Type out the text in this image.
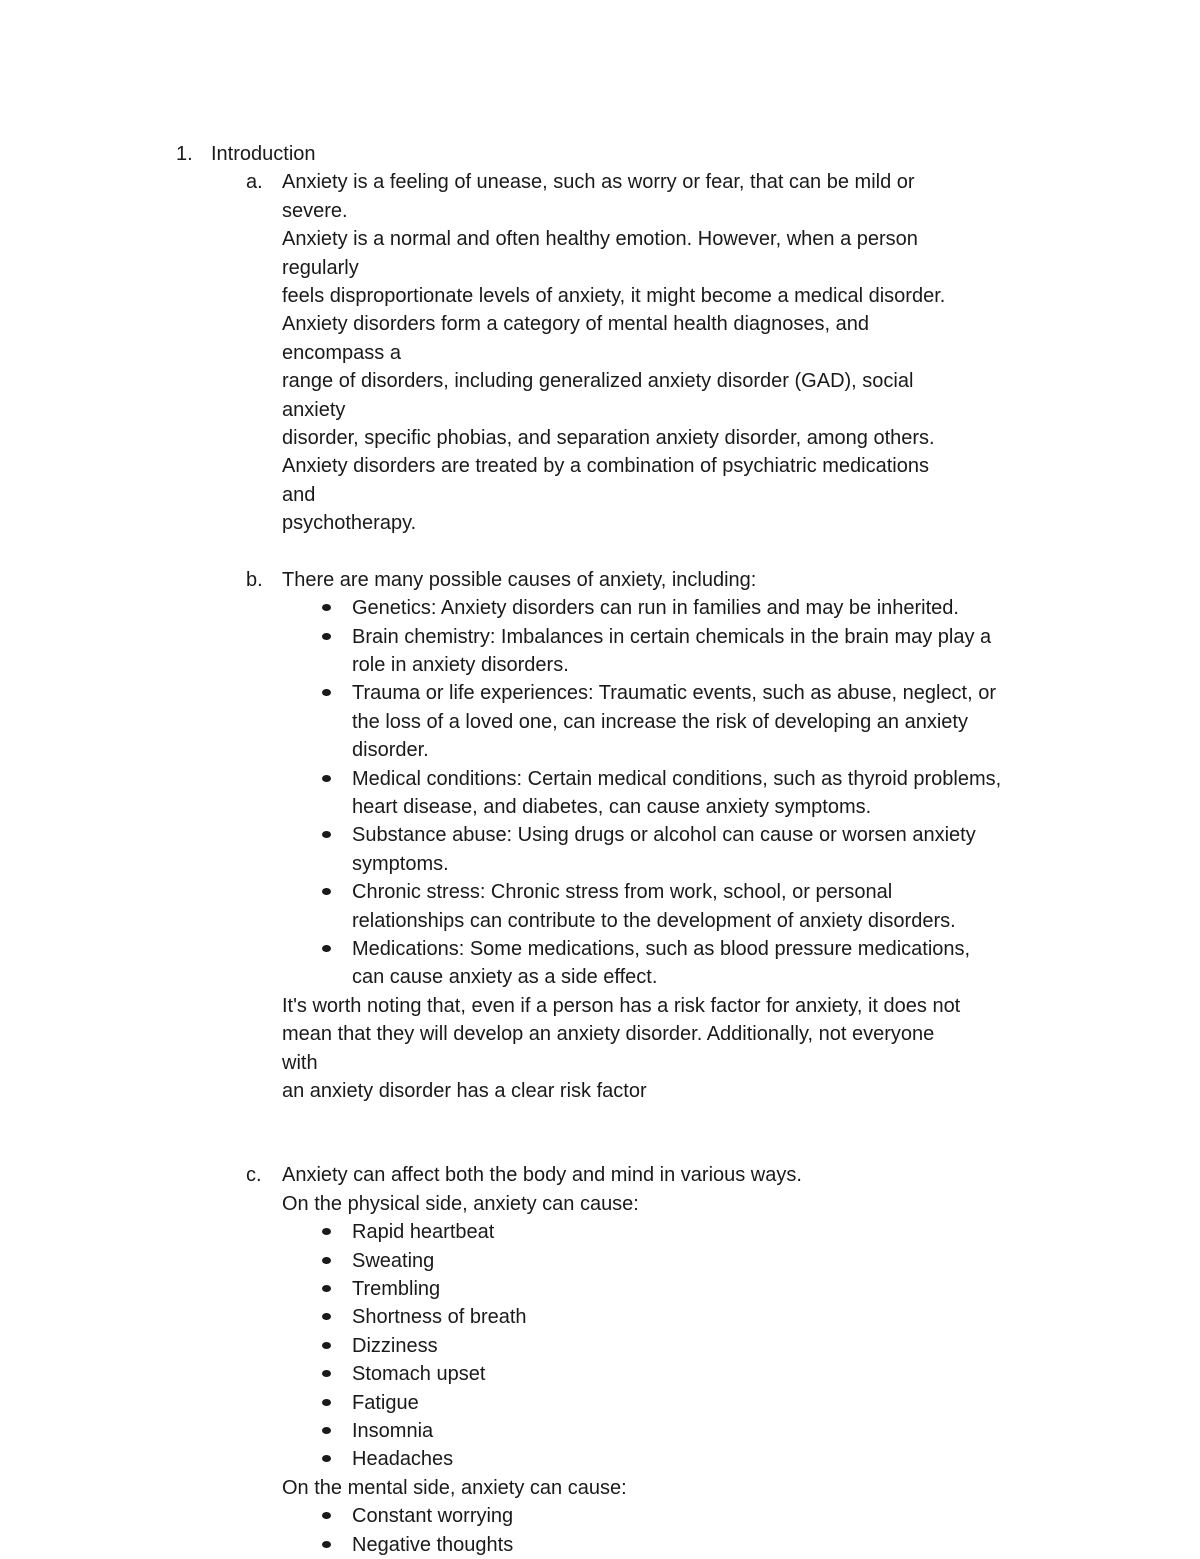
1. Introduction
a. Anxiety is a feeling of unease, such as worry or fear, that can be mild or severe.
Anxiety is a normal and often healthy emotion. However, when a person regularly
feels disproportionate levels of anxiety, it might become a medical disorder.
Anxiety disorders form a category of mental health diagnoses, and encompass a
range of disorders, including generalized anxiety disorder (GAD), social anxiety
disorder, specific phobias, and separation anxiety disorder, among others.
Anxiety disorders are treated by a combination of psychiatric medications and
psychotherapy.
b. There are many possible causes of anxiety, including:
Genetics: Anxiety disorders can run in families and may be inherited.
Brain chemistry: Imbalances in certain chemicals in the brain may play a
role in anxiety disorders.
Trauma or life experiences: Traumatic events, such as abuse, neglect, or
the loss of a loved one, can increase the risk of developing an anxiety
disorder.
Medical conditions: Certain medical conditions, such as thyroid problems,
heart disease, and diabetes, can cause anxiety symptoms.
Substance abuse: Using drugs or alcohol can cause or worsen anxiety
symptoms.
Chronic stress: Chronic stress from work, school, or personal
relationships can contribute to the development of anxiety disorders.
Medications: Some medications, such as blood pressure medications,
can cause anxiety as a side effect.
It's worth noting that, even if a person has a risk factor for anxiety, it does not
mean that they will develop an anxiety disorder. Additionally, not everyone with
an anxiety disorder has a clear risk factor
c.	Anxiety can affect both the body and mind in various ways.
On the physical side, anxiety can cause:
Rapid heartbeat
Sweating
Trembling
Shortness of breath
Dizziness
Stomach upset
Fatigue
Insomnia
Headaches
On the mental side, anxiety can cause:
Constant worrying
Negative thoughts
